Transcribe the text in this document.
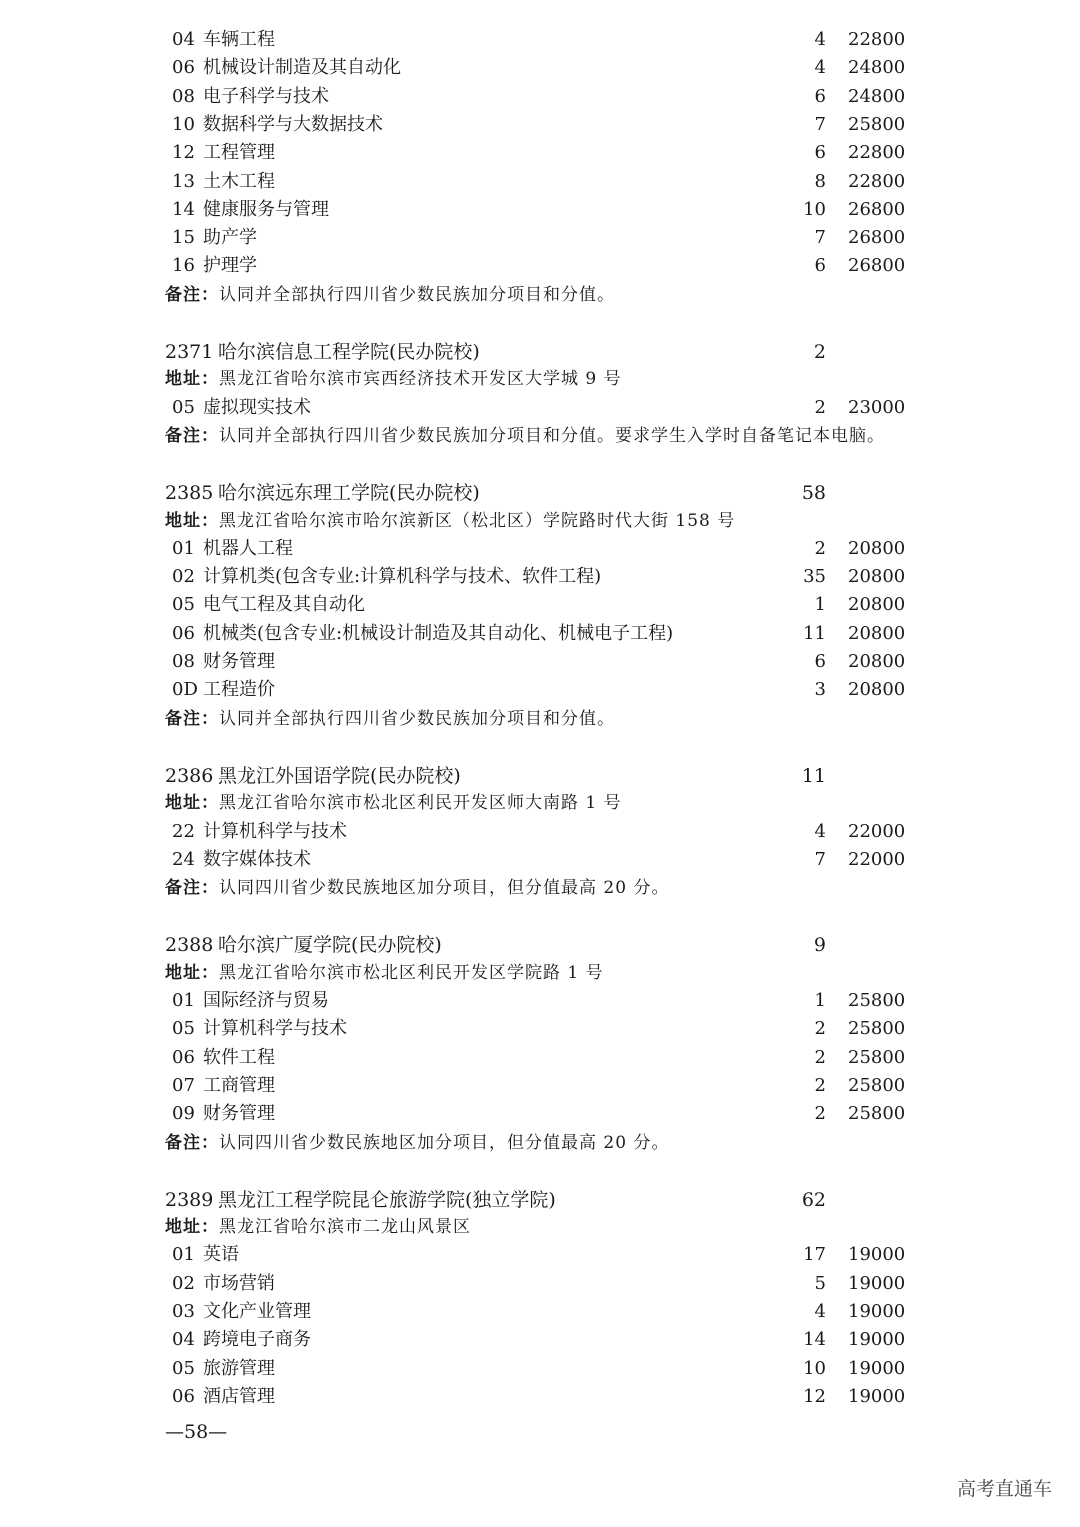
—58—
高考直通车
04 车辆工程	4 22800
06 机械设计制造及其自动化	4 24800
08 电子科学与技术	6 24800
10 数据科学与大数据技术	7 25800
12 工程管理	6 22800
13 土木工程	8 22800
14 健康服务与管理	10 26800
15 助产学	7 26800
16 护理学	6 26800
备注：认同并全部执行四川省少数民族加分项目和分值。
2371 哈尔滨信息工程学院(民办院校)	2
地址：黑龙江省哈尔滨市宾西经济技术开发区大学城 9 号
05 虚拟现实技术	2 23000
备注：认同并全部执行四川省少数民族加分项目和分值。要求学生入学时自备笔记本电脑。
2385 哈尔滨远东理工学院(民办院校)	58
地址：黑龙江省哈尔滨市哈尔滨新区（松北区）学院路时代大街 158 号
01 机器人工程	2 20800
02 计算机类(包含专业:计算机科学与技术、软件工程)	35 20800
05 电气工程及其自动化	1 20800
06 机械类(包含专业:机械设计制造及其自动化、机械电子工程)	11 20800
08 财务管理	6 20800
0D 工程造价	3 20800
备注：认同并全部执行四川省少数民族加分项目和分值。
2386 黑龙江外国语学院(民办院校)	11
地址：黑龙江省哈尔滨市松北区利民开发区师大南路 1 号
22 计算机科学与技术	4 22000
24 数字媒体技术	7 22000
备注：认同四川省少数民族地区加分项目，但分值最高 20 分。
2388 哈尔滨广厦学院(民办院校)	9
地址：黑龙江省哈尔滨市松北区利民开发区学院路 1 号
01 国际经济与贸易	1 25800
05 计算机科学与技术	2 25800
06 软件工程	2 25800
07 工商管理	2 25800
09 财务管理	2 25800
备注：认同四川省少数民族地区加分项目，但分值最高 20 分。
2389 黑龙江工程学院昆仑旅游学院(独立学院)	62
地址：黑龙江省哈尔滨市二龙山风景区
01 英语	17 19000
02 市场营销	5 19000
03 文化产业管理	4 19000
04 跨境电子商务	14 19000
05 旅游管理	10 19000
06 酒店管理	12 19000
